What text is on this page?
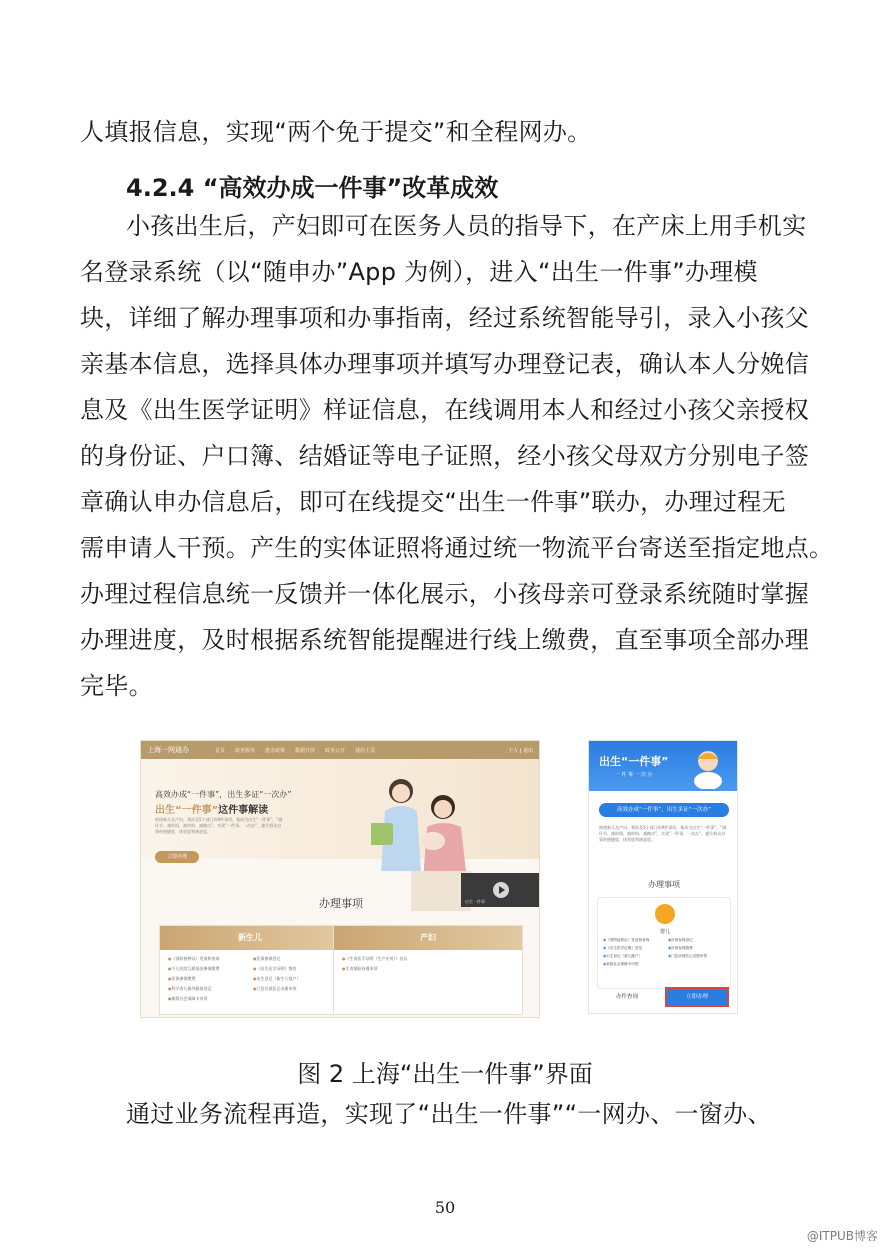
人填报信息，实现“两个免于提交”和全程网办。
4.2.4 “高效办成一件事”改革成效
小孩出生后，产妇即可在医务人员的指导下，在产床上用手机实
名登录系统（以“随申办”App 为例），进入“出生一件事”办理模
块，详细了解办理事项和办事指南，经过系统智能导引，录入小孩父
亲基本信息，选择具体办理事项并填写办理登记表，确认本人分娩信
息及《出生医学证明》样证信息，在线调用本人和经过小孩父亲授权
的身份证、户口簿、结婚证等电子证照，经小孩父母双方分别电子签
章确认申办信息后，即可在线提交“出生一件事”联办，办理过程无
需申请人干预。产生的实体证照将通过统一物流平台寄送至指定地点。
办理过程信息统一反馈并一体化展示，小孩母亲可登录系统随时掌握
办理进度，及时根据系统智能提醒进行线上缴费，直至事项全部办理
完毕。
上海一网通办	首页 政务服务 惠企政策 数据开放 政务公开 我的主页	个人 | 退出
高效办成“一件事”，出生多证“一次办”
出生“一件事”这件事解读
围绕新儿及产妇，将涉及5个部门的9件事项，集成为出生“一件事”，“减环节、减时间、减材料、减跑动”，实现“一件事、一次办”，提升群众办事的便捷度、体验度和满意度。
立即办理
出生一件事
办理事项
新生儿
● 《预防接种证》发放和查询	● 医保参保登记
● 少儿住院互助基金参保缴费	● 《出生医学证明》签发
● 医保参保缴费	● 出生登记（新生儿落户）
● 科学育儿指导服务登记	● 门急诊就医记录册申领
● 新版社会保障卡申领
产妇
● 《生育医学证明（生产专用）》出具
● 生育保险待遇申领
出生“一件事”
一件事一次办
高效办成“一件事”，出生多证“一次办”
围绕新儿及产妇，将涉及5个部门的9件事项，集成为出生“一件事”，“减环节、减时间、减材料、减跑动”，实现“一件事、一次办”，提升群众办事的便捷度、体验度和满意度。
办理事项
婴儿
◉ 《预防接种证》发放和查询	◉ 医保参保登记
◉ 《出生医学证明》签发	◉ 医保参保缴费
◉ 出生登记（新儿落户）	◉ 门急诊就医记录册申领
◉ 新版社会保障卡申领
办件查询	立即办理
图 2 上海“出生一件事”界面
通过业务流程再造，实现了“出生一件事”“一网办、一窗办、
50
@ITPUB博客
